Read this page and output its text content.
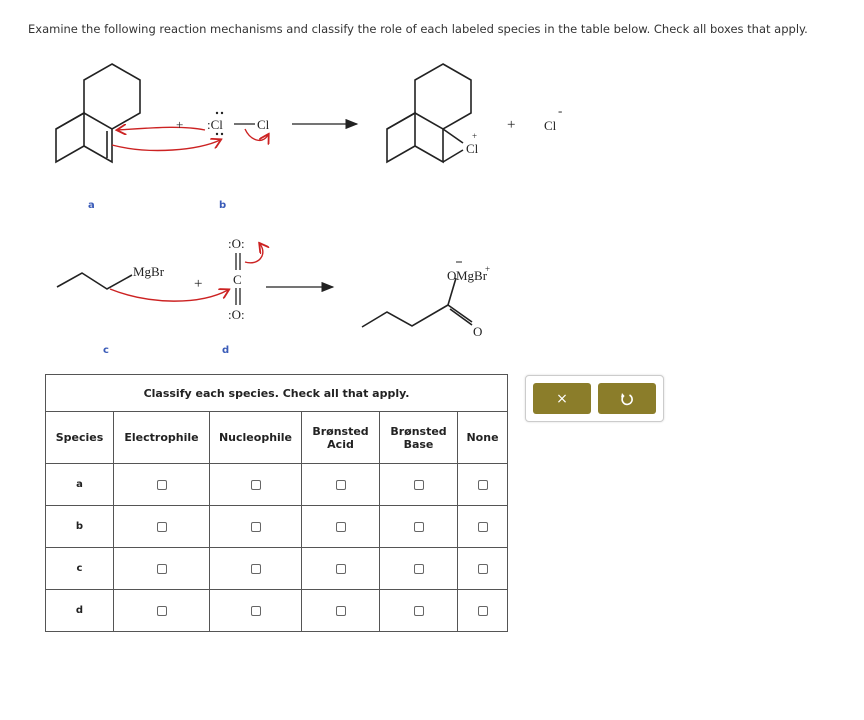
Examine the following reaction mechanisms and classify the role of each labeled species in the table below. Check all boxes that apply.
+ :Cl	Cl
Cl
+
+ Cl
-
a	b
MgBr
+
:O:
C
:O:
O MgBr
+
O
c	d
Classify each species. Check all that apply.					
Species	Electrophile	Nucleophile	Brønsted Acid	Brønsted Base	None
a					
b					
c					
d					
×
